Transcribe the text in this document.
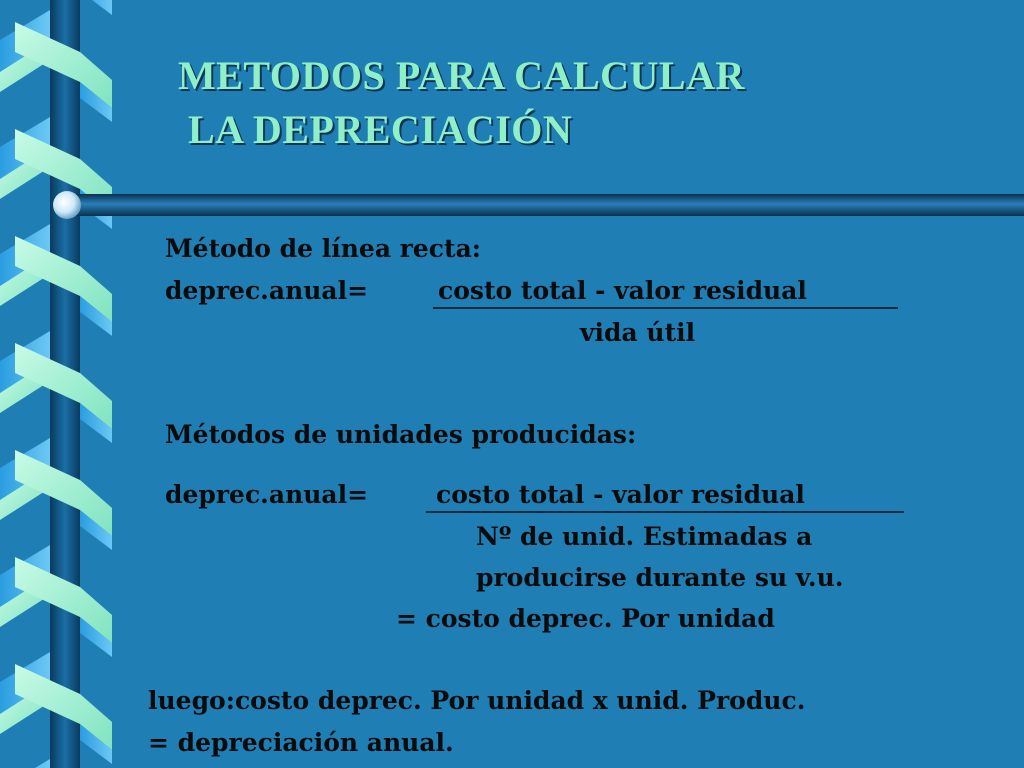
METODOS PARA CALCULAR
LA DEPRECIACIÓN

Método de línea recta:

deprec.anual=	costo total - valor residual

vida útil

Métodos de unidades producidas:

deprec.anual=	costo total - valor residual

Nº de unid. Estimadas a

producirse durante su v.u.

= costo deprec. Por unidad

luego:costo deprec. Por unidad x unid. Produc.

= depreciación anual.
